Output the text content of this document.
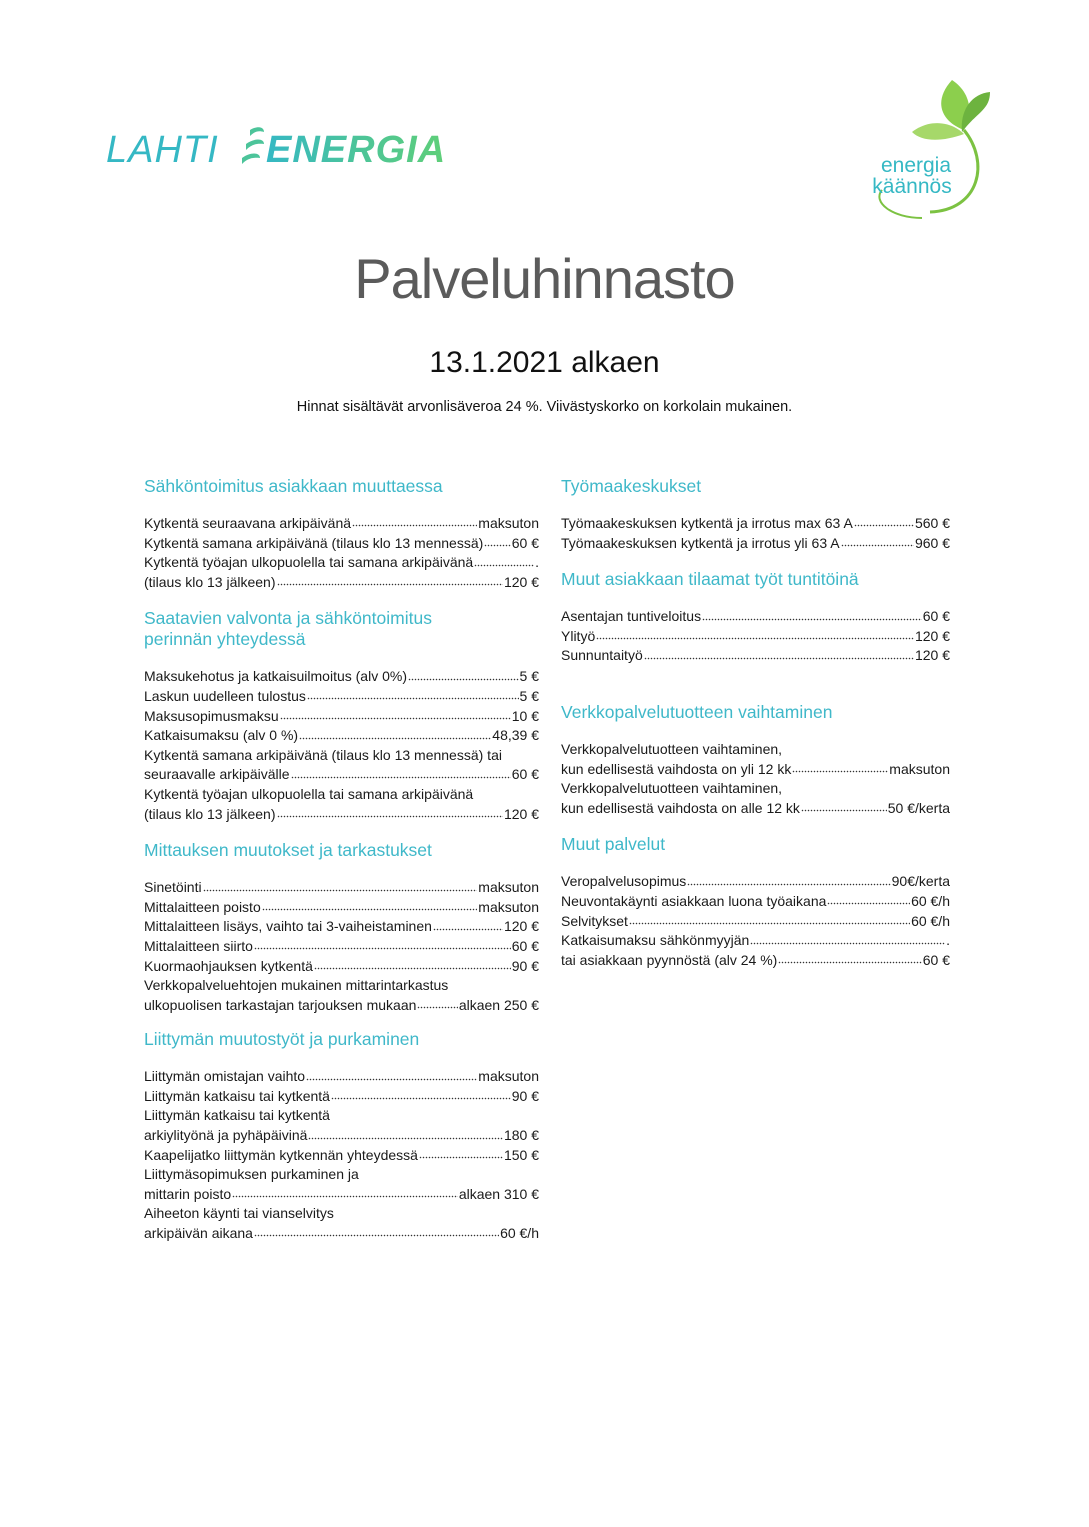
LAHTI ENERGIA	energia
käännös
Palveluhinnasto
13.1.2021 alkaen
Hinnat sisältävät arvonlisäveroa 24 %. Viivästyskorko on korkolain mukainen.
Sähköntoimitus asiakkaan muuttaessa
Kytkentä seuraavana arkipäivänä	maksuton
Kytkentä samana arkipäivänä (tilaus klo 13 mennessä) 60 €
Kytkentä työajan ulkopuolella tai samana arkipäivänä	.
(tilaus klo 13 jälkeen)	120 €
Saatavien valvonta ja sähköntoimitus perinnän yhteydessä
Maksukehotus ja katkaisuilmoitus (alv 0%)	5 €
Laskun uudelleen tulostus	5 €
Maksusopimusmaksu	10 €
Katkaisumaksu (alv 0 %)	48,39 €
Kytkentä samana arkipäivänä (tilaus klo 13 mennessä) tai
seuraavalle arkipäivälle	60 €
Kytkentä työajan ulkopuolella tai samana arkipäivänä
(tilaus klo 13 jälkeen)	120 €
Mittauksen muutokset ja tarkastukset
Sinetöinti	maksuton
Mittalaitteen poisto	maksuton
Mittalaitteen lisäys, vaihto tai 3-vaiheistaminen	120 €
Mittalaitteen siirto	60 €
Kuormaohjauksen kytkentä	90 €
Verkkopalveluehtojen mukainen mittarintarkastus
ulkopuolisen tarkastajan tarjouksen mukaan	alkaen 250 €
Liittymän muutostyöt ja purkaminen
Liittymän omistajan vaihto	maksuton
Liittymän katkaisu tai kytkentä	90 €
Liittymän katkaisu tai kytkentä
arkiylityönä ja pyhäpäivinä	180 €
Kaapelijatko liittymän kytkennän yhteydessä	150 €
Liittymäsopimuksen purkaminen ja
mittarin poisto	alkaen 310 €
Aiheeton käynti tai vianselvitys
arkipäivän aikana	60 €/h
Työmaakeskukset
Työmaakeskuksen kytkentä ja irrotus max 63 A	560 €
Työmaakeskuksen kytkentä ja irrotus yli 63 A	960 €
Muut asiakkaan tilaamat työt tuntitöinä
Asentajan tuntiveloitus	60 €
Ylityö	120 €
Sunnuntaityö	120 €
Verkkopalvelutuotteen vaihtaminen
Verkkopalvelutuotteen vaihtaminen,
kun edellisestä vaihdosta on yli 12 kk	maksuton
Verkkopalvelutuotteen vaihtaminen,
kun edellisestä vaihdosta on alle 12 kk	50 €/kerta
Muut palvelut
Veropalvelusopimus	90€/kerta
Neuvontakäynti asiakkaan luona työaikana	60 €/h
Selvitykset	60 €/h
Katkaisumaksu sähkönmyyjän	.
tai asiakkaan pyynnöstä (alv 24 %)	60 €
